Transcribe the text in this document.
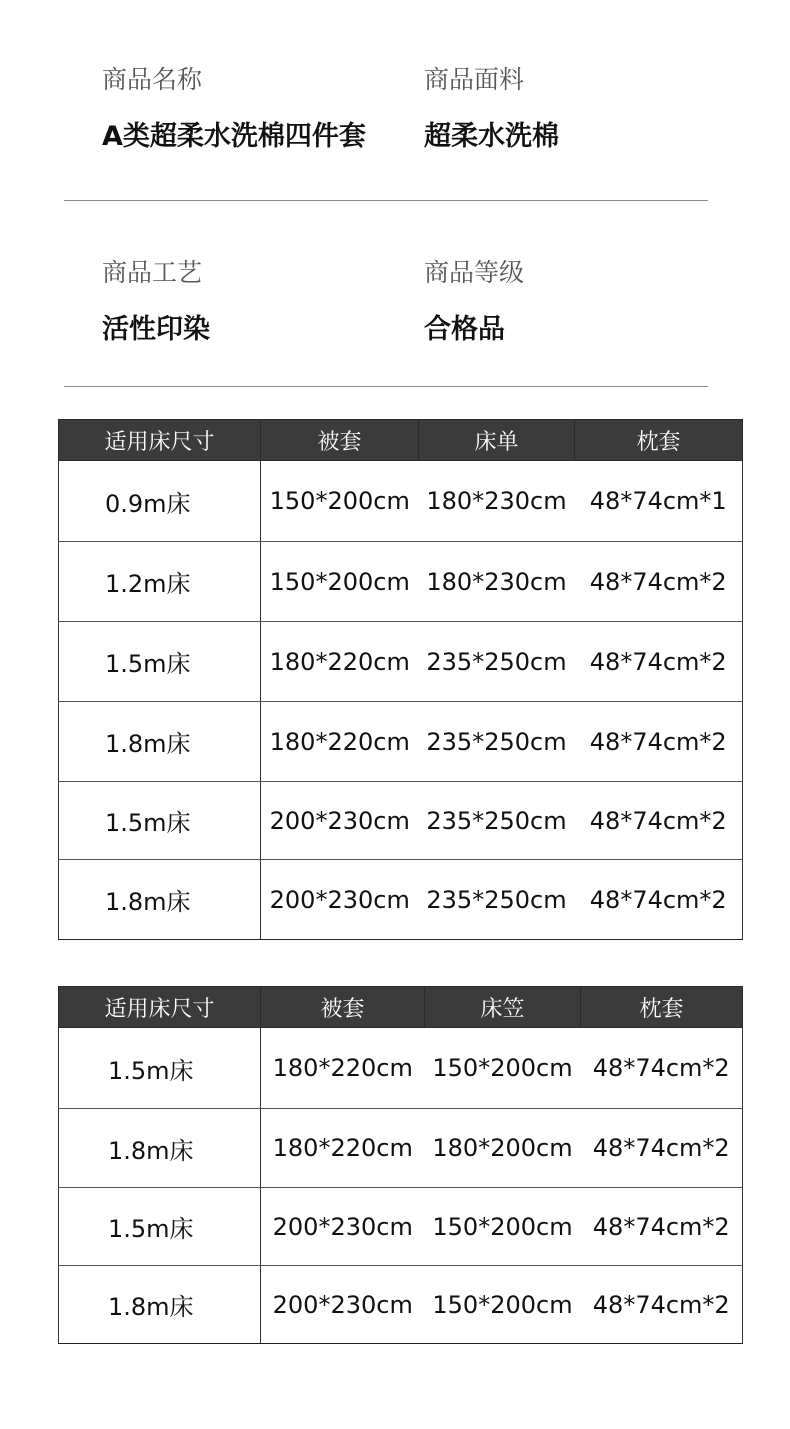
商品名称
A类超柔水洗棉四件套
商品面料
超柔水洗棉
商品工艺
活性印染
商品等级
合格品
适用床尺寸	被套	床单	枕套
0.9m床	150*200cm	180*230cm	48*74cm*1
1.2m床	150*200cm	180*230cm	48*74cm*2
1.5m床	180*220cm	235*250cm	48*74cm*2
1.8m床	180*220cm	235*250cm	48*74cm*2
1.5m床	200*230cm	235*250cm	48*74cm*2
1.8m床	200*230cm	235*250cm	48*74cm*2
适用床尺寸	被套	床笠	枕套
1.5m床	180*220cm	150*200cm	48*74cm*2
1.8m床	180*220cm	180*200cm	48*74cm*2
1.5m床	200*230cm	150*200cm	48*74cm*2
1.8m床	200*230cm	150*200cm	48*74cm*2
